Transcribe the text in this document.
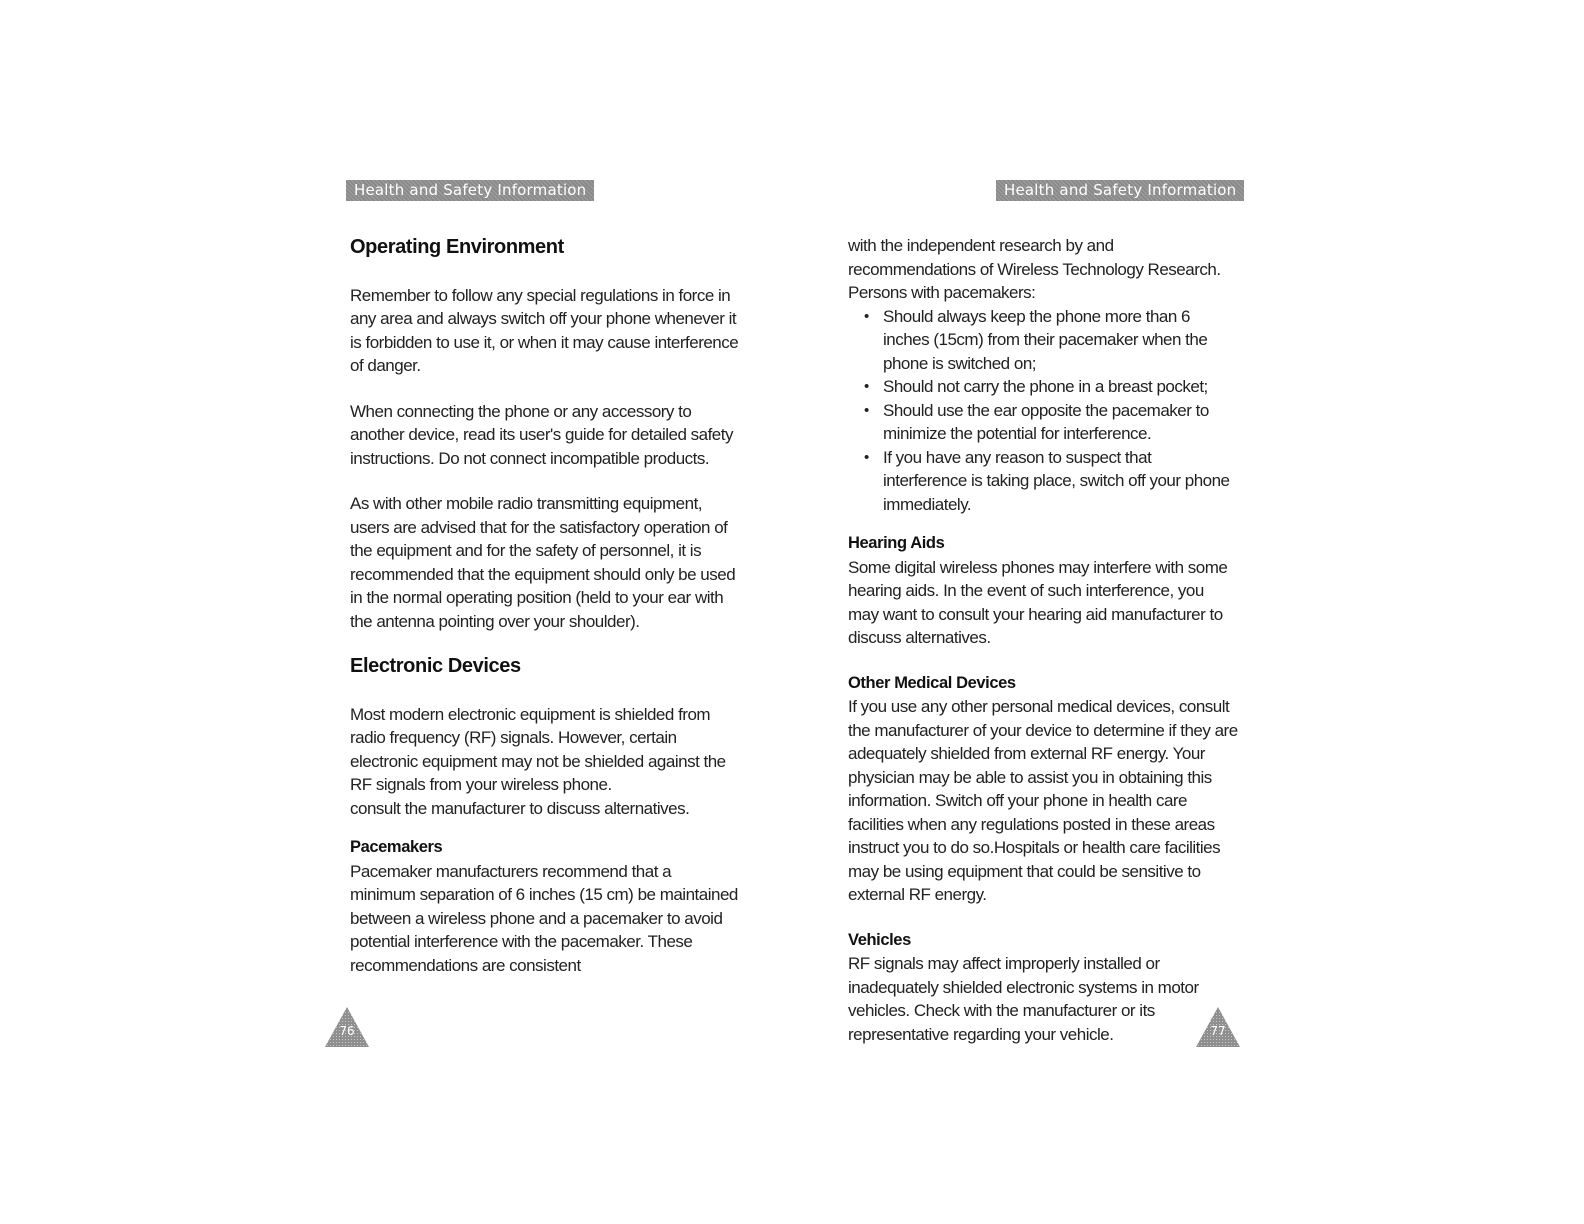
Health and Safety Information

Operating Environment

Remember to follow any special regulations in force in any area and always switch off your phone whenever it is forbidden to use it, or when it may cause interference of danger.

When connecting the phone or any accessory to another device, read its user's guide for detailed safety instructions. Do not connect incompatible products.

As with other mobile radio transmitting equipment, users are advised that for the satisfactory operation of the equipment and for the safety of personnel, it is recommended that the equipment should only be used in the normal operating position (held to your ear with the antenna pointing over your shoulder).

Electronic Devices

Most modern electronic equipment is shielded from radio frequency (RF) signals. However, certain electronic equipment may not be shielded against the RF signals from your wireless phone.

consult the manufacturer to discuss alternatives.

Pacemakers

Pacemaker manufacturers recommend that a minimum separation of 6 inches (15 cm) be maintained between a wireless phone and a pacemaker to avoid potential interference with the pacemaker. These recommendations are consistent

76
Health and Safety Information

with the independent research by and recommendations of Wireless Technology Research.

Persons with pacemakers:

• Should always keep the phone more than 6 inches (15cm) from their pacemaker when the phone is switched on;
• Should not carry the phone in a breast pocket;
• Should use the ear opposite the pacemaker to minimize the potential for interference.
• If you have any reason to suspect that interference is taking place, switch off your phone immediately.

Hearing Aids

Some digital wireless phones may interfere with some hearing aids. In the event of such interference, you may want to consult your hearing aid manufacturer to discuss alternatives.

Other Medical Devices

If you use any other personal medical devices, consult the manufacturer of your device to determine if they are adequately shielded from external RF energy. Your physician may be able to assist you in obtaining this information. Switch off your phone in health care facilities when any regulations posted in these areas instruct you to do so.Hospitals or health care facilities may be using equipment that could be sensitive to external RF energy.

Vehicles

RF signals may affect improperly installed or inadequately shielded electronic systems in motor vehicles. Check with the manufacturer or its representative regarding your vehicle.	77
